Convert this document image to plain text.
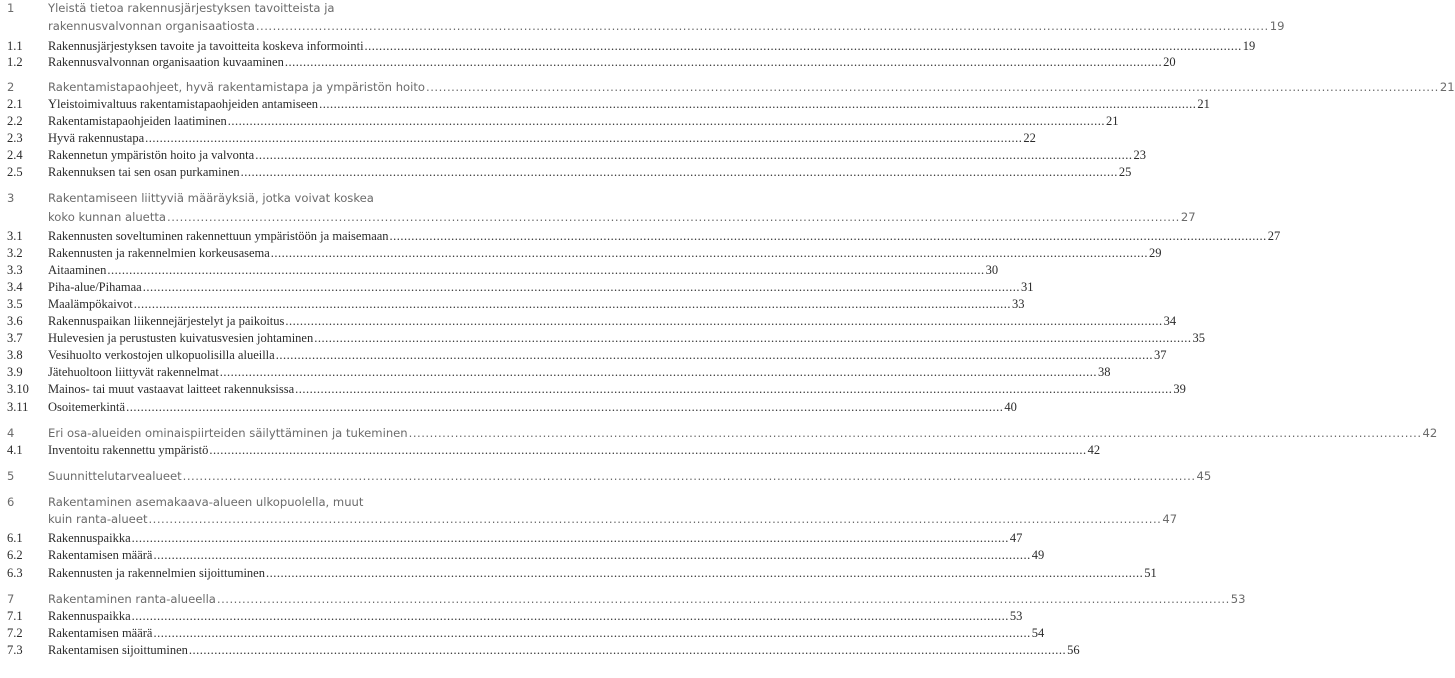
1	Yleistä tietoa rakennusjärjestyksen tavoitteista ja
rakennusvalvonnan organisaatiosta .....	19
1.1 Rakennusjärjestyksen tavoite ja tavoitteita koskeva informointi .....	19
1.2 Rakennusvalvonnan organisaation kuvaaminen .....	20
2	Rakentamistapaohjeet, hyvä rakentamistapa ja ympäristön hoito .....	21
2.1 Yleistoimivaltuus rakentamistapaohjeiden antamiseen .....	21
2.2 Rakentamistapaohjeiden laatiminen .....	21
2.3 Hyvä rakennustapa .....	22
2.4 Rakennetun ympäristön hoito ja valvonta .....	23
2.5 Rakennuksen tai sen osan purkaminen .....	25
3	Rakentamiseen liittyviä määräyksiä, jotka voivat koskea
koko kunnan aluetta .....	27
3.1 Rakennusten soveltuminen rakennettuun ympäristöön ja maisemaan .....	27
3.2 Rakennusten ja rakennelmien korkeusasema .....	29
3.3 Aitaaminen .....	30
3.4 Piha-alue/Pihamaa .....	31
3.5 Maalämpökaivot .....	33
3.6 Rakennuspaikan liikennejärjestelyt ja paikoitus .....	34
3.7 Hulevesien ja perustusten kuivatusvesien johtaminen .....	35
3.8 Vesihuolto verkostojen ulkopuolisilla alueilla .....	37
3.9 Jätehuoltoon liittyvät rakennelmat .....	38
3.10 Mainos- tai muut vastaavat laitteet rakennuksissa .....	39
3.11 Osoitemerkintä .....	40
4	Eri osa-alueiden ominaispiirteiden säilyttäminen ja tukeminen .....	42
4.1 Inventoitu rakennettu ympäristö .....	42
5	Suunnittelutarvealueet .....	45
6	Rakentaminen asemakaava-alueen ulkopuolella, muut
kuin ranta-alueet .....	47
6.1 Rakennuspaikka .....	47
6.2 Rakentamisen määrä .....	49
6.3 Rakennusten ja rakennelmien sijoittuminen .....	51
7	Rakentaminen ranta-alueella .....	53
7.1 Rakennuspaikka .....	53
7.2 Rakentamisen määrä .....	54
7.3 Rakentamisen sijoittuminen .....	56
